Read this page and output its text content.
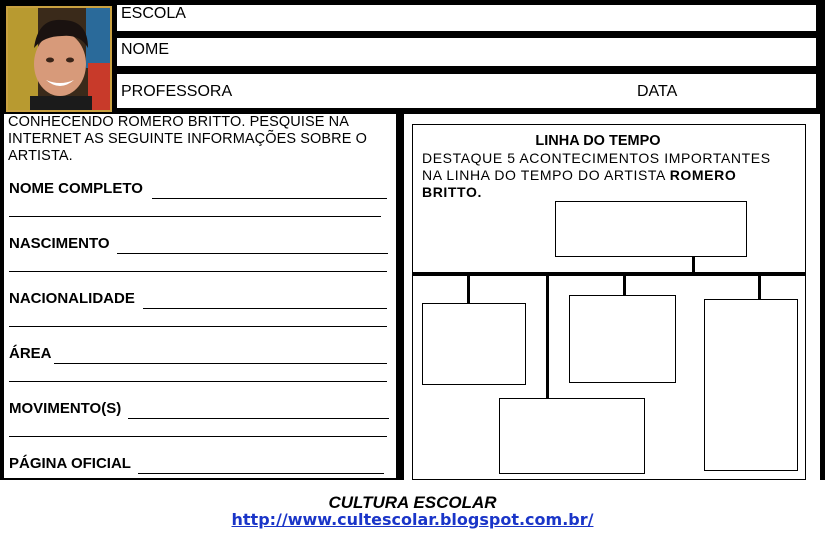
ESCOLA
NOME
PROFESSORA	DATA
CONHECENDO ROMERO BRITTO. PESQUISE NA INTERNET AS SEGUINTE INFORMAÇÕES SOBRE O ARTISTA.
NOME COMPLETO
NASCIMENTO
NACIONALIDADE
ÁREA
MOVIMENTO(S)
PÁGINA OFICIAL
LINHA DO TEMPO
DESTAQUE 5 ACONTECIMENTOS IMPORTANTES NA LINHA DO TEMPO DO ARTISTA ROMERO BRITTO.
CULTURA ESCOLAR
http://www.cultescolar.blogspot.com.br/
